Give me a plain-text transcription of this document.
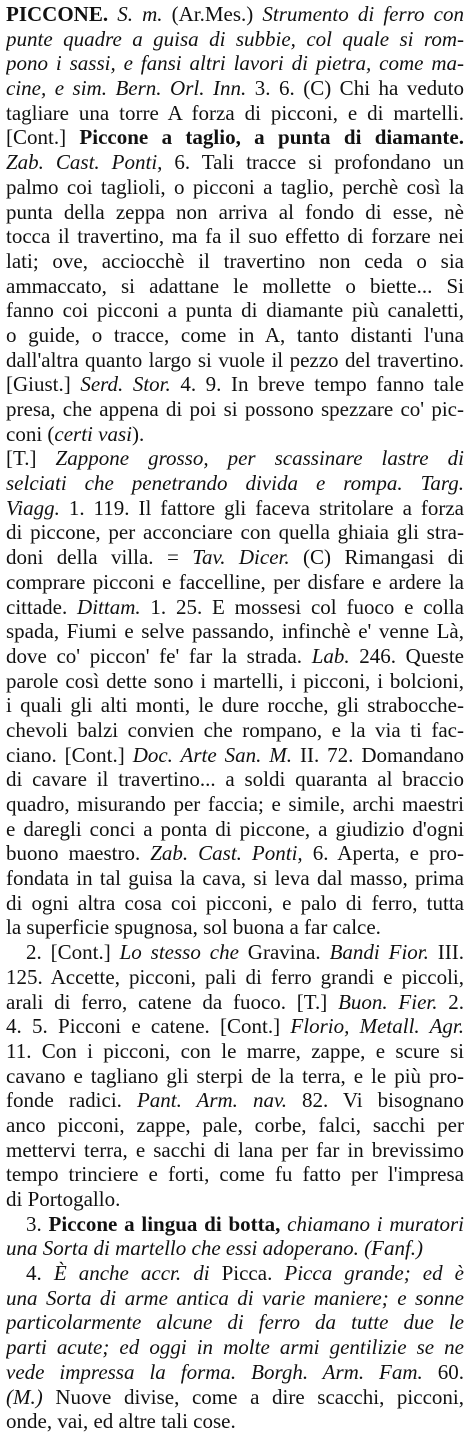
PICCONE. S. m. (Ar.Mes.) Strumento di ferro con
punte quadre a guisa di subbie, col quale si rom-
pono i sassi, e fansi altri lavori di pietra, come ma-
cine, e sim. Bern. Orl. Inn. 3. 6. (C) Chi ha veduto
tagliare una torre A forza di picconi, e di martelli.
[Cont.] Piccone a taglio, a punta di diamante.
Zab. Cast. Ponti, 6. Tali tracce si profondano un
palmo coi taglioli, o picconi a taglio, perchè così la
punta della zeppa non arriva al fondo di esse, nè
tocca il travertino, ma fa il suo effetto di forzare nei
lati; ove, acciocchè il travertino non ceda o sia
ammaccato, si adattane le mollette o biette... Si
fanno coi picconi a punta di diamante più canaletti,
o guide, o tracce, come in A, tanto distanti l'una
dall'altra quanto largo si vuole il pezzo del travertino.
[Giust.] Serd. Stor. 4. 9. In breve tempo fanno tale
presa, che appena di poi si possono spezzare co' pic-
coni (certi vasi).
[T.] Zappone grosso, per scassinare lastre di
selciati che penetrando divida e rompa. Targ.
Viagg. 1. 119. Il fattore gli faceva stritolare a forza
di piccone, per acconciare con quella ghiaia gli stra-
doni della villa. = Tav. Dicer. (C) Rimangasi di
comprare picconi e faccelline, per disfare e ardere la
cittade. Dittam. 1. 25. E mossesi col fuoco e colla
spada, Fiumi e selve passando, infinchè e' venne Là,
dove co' piccon' fe' far la strada. Lab. 246. Queste
parole così dette sono i martelli, i picconi, i bolcioni,
i quali gli alti monti, le dure rocche, gli strabocche-
chevoli balzi convien che rompano, e la via ti fac-
ciano. [Cont.] Doc. Arte San. M. II. 72. Domandano
di cavare il travertino... a soldi quaranta al braccio
quadro, misurando per faccia; e simile, archi maestri
e daregli conci a ponta di piccone, a giudizio d'ogni
buono maestro. Zab. Cast. Ponti, 6. Aperta, e pro-
fondata in tal guisa la cava, si leva dal masso, prima
di ogni altra cosa coi picconi, e palo di ferro, tutta
la superficie spugnosa, sol buona a far calce.
2. [Cont.] Lo stesso che Gravina. Bandi Fior. III.
125. Accette, picconi, pali di ferro grandi e piccoli,
arali di ferro, catene da fuoco. [T.] Buon. Fier. 2.
4. 5. Picconi e catene. [Cont.] Florio, Metall. Agr.
11. Con i picconi, con le marre, zappe, e scure si
cavano e tagliano gli sterpi de la terra, e le più pro-
fonde radici. Pant. Arm. nav. 82. Vi bisognano
anco picconi, zappe, pale, corbe, falci, sacchi per
mettervi terra, e sacchi di lana per far in brevissimo
tempo trinciere e forti, come fu fatto per l'impresa
di Portogallo.
3. Piccone a lingua di botta, chiamano i muratori
una Sorta di martello che essi adoperano. (Fanf.)
4. È anche accr. di Picca. Picca grande; ed è
una Sorta di arme antica di varie maniere; e sonne
particolarmente alcune di ferro da tutte due le
parti acute; ed oggi in molte armi gentilizie se ne
vede impressa la forma. Borgh. Arm. Fam. 60.
(M.) Nuove divise, come a dire scacchi, picconi,
onde, vai, ed altre tali cose.
